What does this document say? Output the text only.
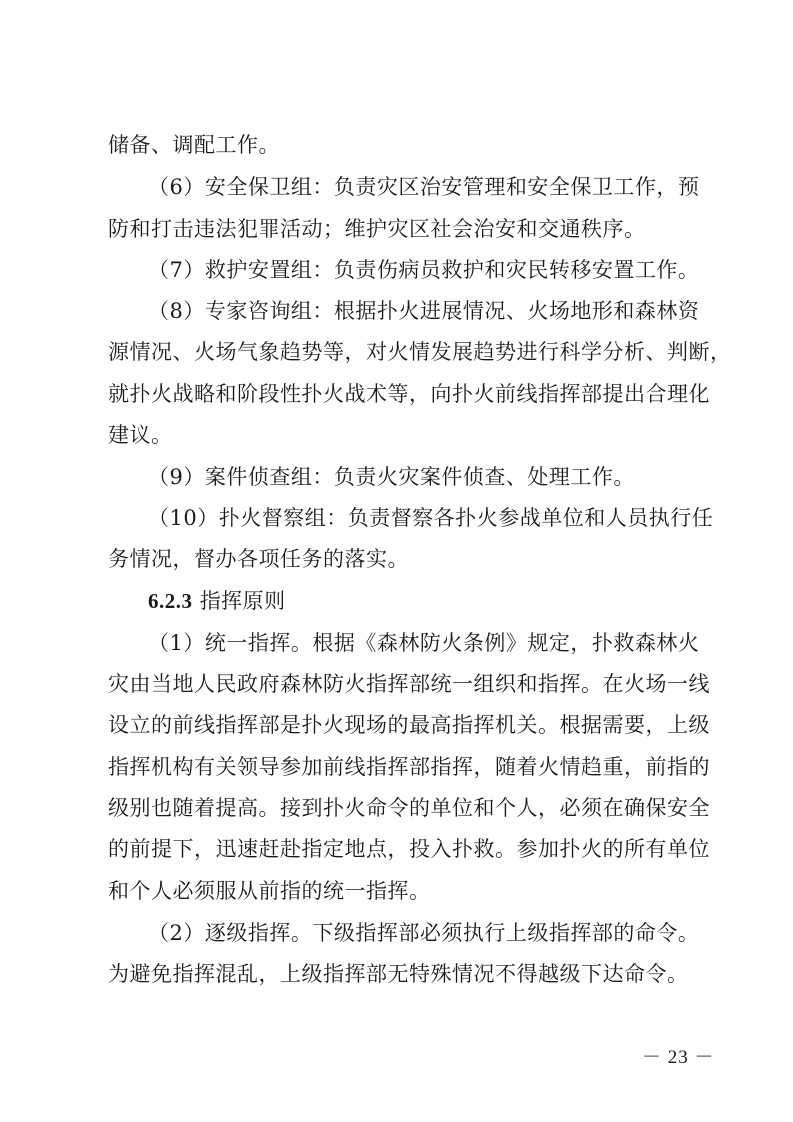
储备、调配工作。
（6）安全保卫组：负责灾区治安管理和安全保卫工作，预
防和打击违法犯罪活动；维护灾区社会治安和交通秩序。
（7）救护安置组：负责伤病员救护和灾民转移安置工作。
（8）专家咨询组：根据扑火进展情况、火场地形和森林资
源情况、火场气象趋势等，对火情发展趋势进行科学分析、判断，
就扑火战略和阶段性扑火战术等，向扑火前线指挥部提出合理化
建议。
（9）案件侦查组：负责火灾案件侦查、处理工作。
（10）扑火督察组：负责督察各扑火参战单位和人员执行任
务情况，督办各项任务的落实。
6.2.3 指挥原则
（1）统一指挥。根据《森林防火条例》规定，扑救森林火
灾由当地人民政府森林防火指挥部统一组织和指挥。在火场一线
设立的前线指挥部是扑火现场的最高指挥机关。根据需要，上级
指挥机构有关领导参加前线指挥部指挥，随着火情趋重，前指的
级别也随着提高。接到扑火命令的单位和个人，必须在确保安全
的前提下，迅速赶赴指定地点，投入扑救。参加扑火的所有单位
和个人必须服从前指的统一指挥。
（2）逐级指挥。下级指挥部必须执行上级指挥部的命令。
为避免指挥混乱，上级指挥部无特殊情况不得越级下达命令。
－ 23 －
